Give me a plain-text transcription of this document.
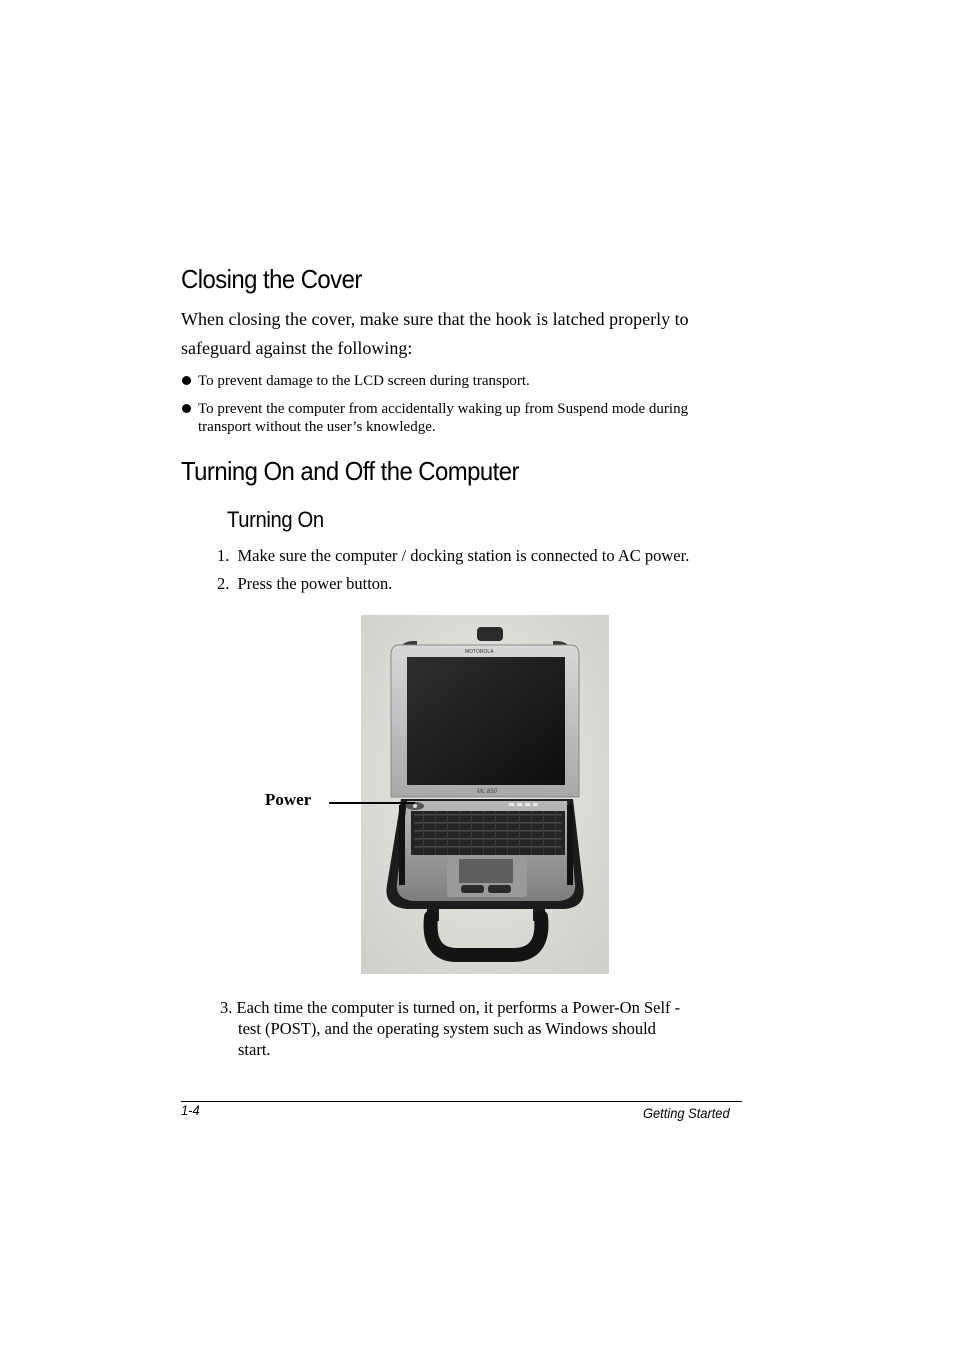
Closing the Cover
When closing the cover, make sure that the hook is latched properly to
safeguard against the following:
To prevent damage to the LCD screen during transport.
To prevent the computer from accidentally waking up from Suspend mode during
transport without the user’s knowledge.
Turning On and Off the Computer
Turning On
1. Make sure the computer / docking station is connected to AC power.
2. Press the power button.
MOTOROLA
ML 850
Power
3. Each time the computer is turned on, it performs a Power-On Self -
test (POST), and the operating system such as Windows should
start.
1-4	Getting Started
